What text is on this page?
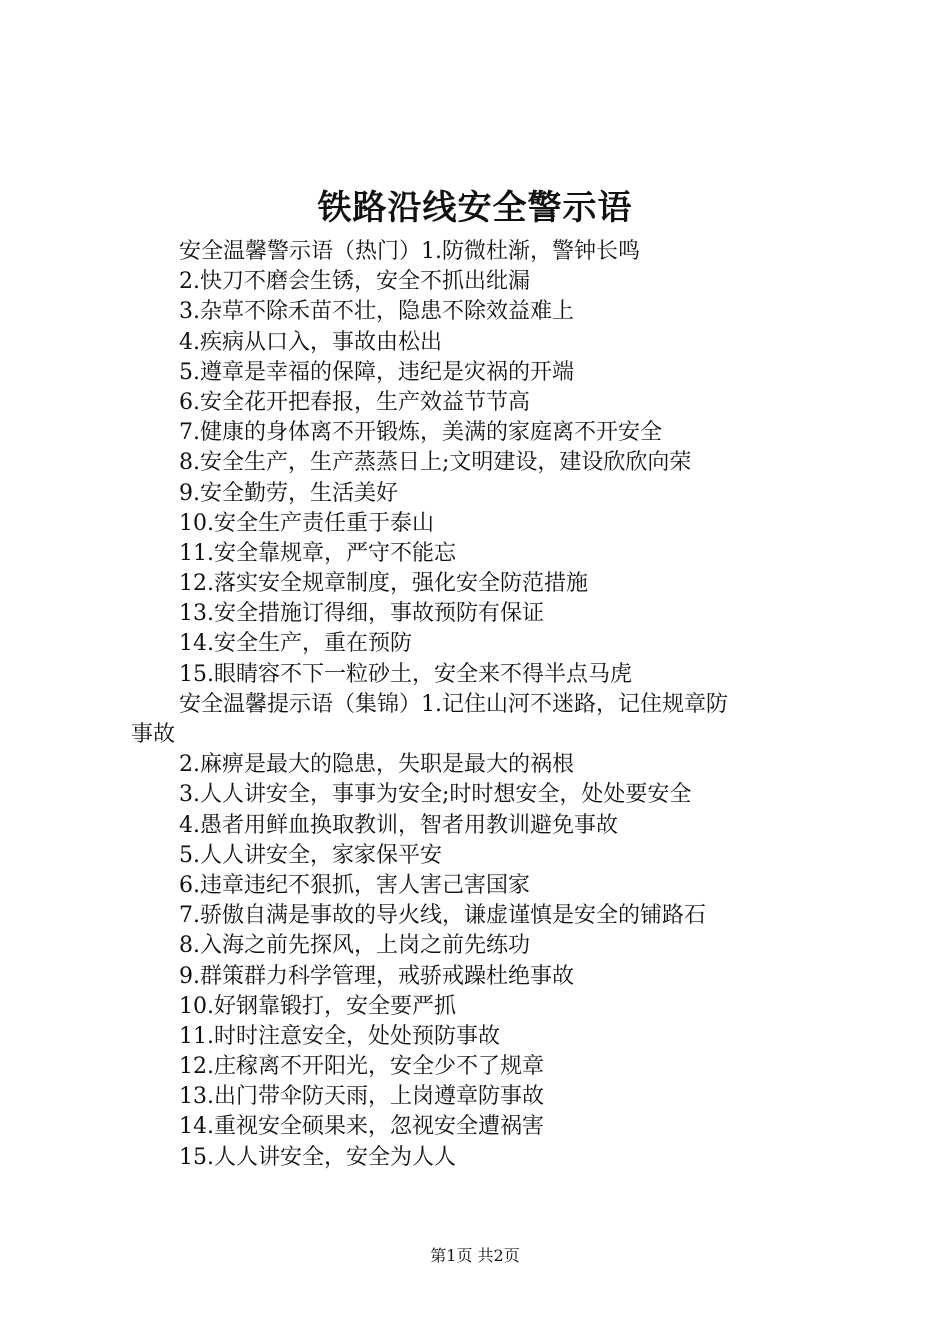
铁路沿线安全警示语
安全温馨警示语（热门）1.防微杜渐，警钟长鸣
2.快刀不磨会生锈，安全不抓出纰漏
3.杂草不除禾苗不壮，隐患不除效益难上
4.疾病从口入，事故由松出
5.遵章是幸福的保障，违纪是灾祸的开端
6.安全花开把春报，生产效益节节高
7.健康的身体离不开锻炼，美满的家庭离不开安全
8.安全生产，生产蒸蒸日上;文明建设，建设欣欣向荣
9.安全勤劳，生活美好
10.安全生产责任重于泰山
11.安全靠规章，严守不能忘
12.落实安全规章制度，强化安全防范措施
13.安全措施订得细，事故预防有保证
14.安全生产，重在预防
15.眼睛容不下一粒砂土，安全来不得半点马虎
安全温馨提示语（集锦）1.记住山河不迷路，记住规章防
事故
2.麻痹是最大的隐患，失职是最大的祸根
3.人人讲安全，事事为安全;时时想安全，处处要安全
4.愚者用鲜血换取教训，智者用教训避免事故
5.人人讲安全，家家保平安
6.违章违纪不狠抓，害人害己害国家
7.骄傲自满是事故的导火线，谦虚谨慎是安全的铺路石
8.入海之前先探风，上岗之前先练功
9.群策群力科学管理，戒骄戒躁杜绝事故
10.好钢靠锻打，安全要严抓
11.时时注意安全，处处预防事故
12.庄稼离不开阳光，安全少不了规章
13.出门带伞防天雨，上岗遵章防事故
14.重视安全硕果来，忽视安全遭祸害
15.人人讲安全，安全为人人
第1页 共2页
